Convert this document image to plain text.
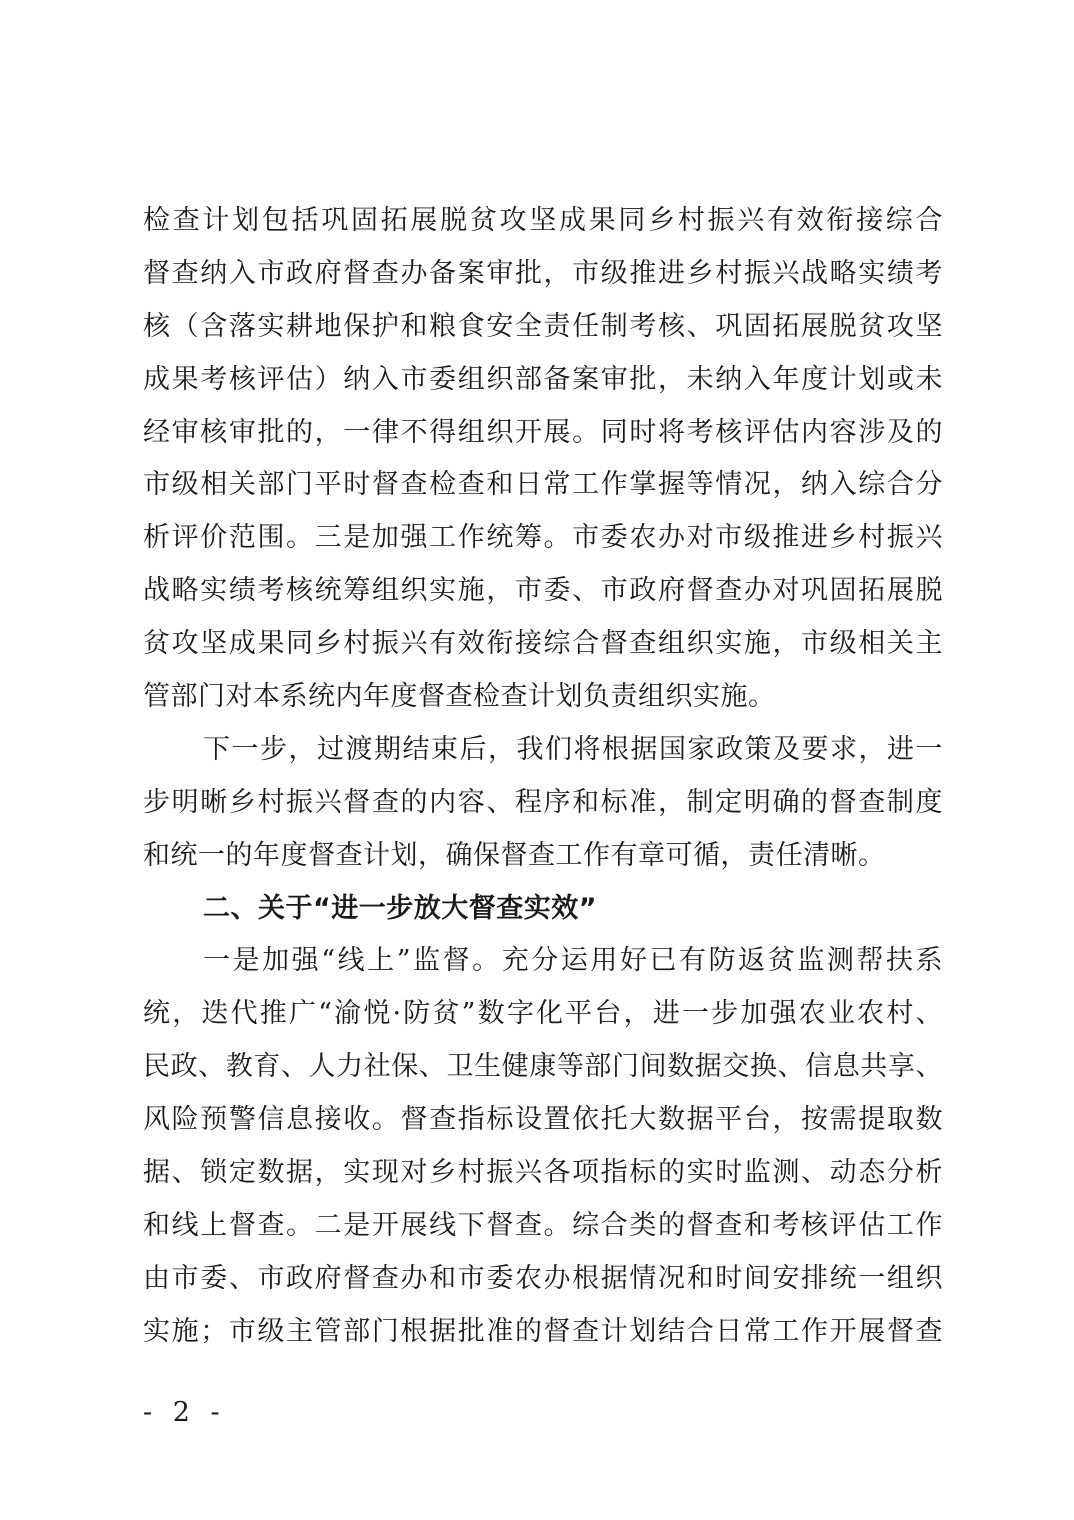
检查计划包括巩固拓展脱贫攻坚成果同乡村振兴有效衔接综合
督查纳入市政府督查办备案审批，市级推进乡村振兴战略实绩考
核（含落实耕地保护和粮食安全责任制考核、巩固拓展脱贫攻坚
成果考核评估）纳入市委组织部备案审批，未纳入年度计划或未
经审核审批的，一律不得组织开展。同时将考核评估内容涉及的
市级相关部门平时督查检查和日常工作掌握等情况，纳入综合分
析评价范围。三是加强工作统筹。市委农办对市级推进乡村振兴
战略实绩考核统筹组织实施，市委、市政府督查办对巩固拓展脱
贫攻坚成果同乡村振兴有效衔接综合督查组织实施，市级相关主
管部门对本系统内年度督查检查计划负责组织实施。
下一步，过渡期结束后，我们将根据国家政策及要求，进一
步明晰乡村振兴督查的内容、程序和标准，制定明确的督查制度
和统一的年度督查计划，确保督查工作有章可循，责任清晰。
二、关于“进一步放大督查实效”
一是加强“线上”监督。充分运用好已有防返贫监测帮扶系
统，迭代推广“渝悦·防贫”数字化平台，进一步加强农业农村、
民政、教育、人力社保、卫生健康等部门间数据交换、信息共享、
风险预警信息接收。督查指标设置依托大数据平台，按需提取数
据、锁定数据，实现对乡村振兴各项指标的实时监测、动态分析
和线上督查。二是开展线下督查。综合类的督查和考核评估工作
由市委、市政府督查办和市委农办根据情况和时间安排统一组织
实施；市级主管部门根据批准的督查计划结合日常工作开展督查
- 2 -
